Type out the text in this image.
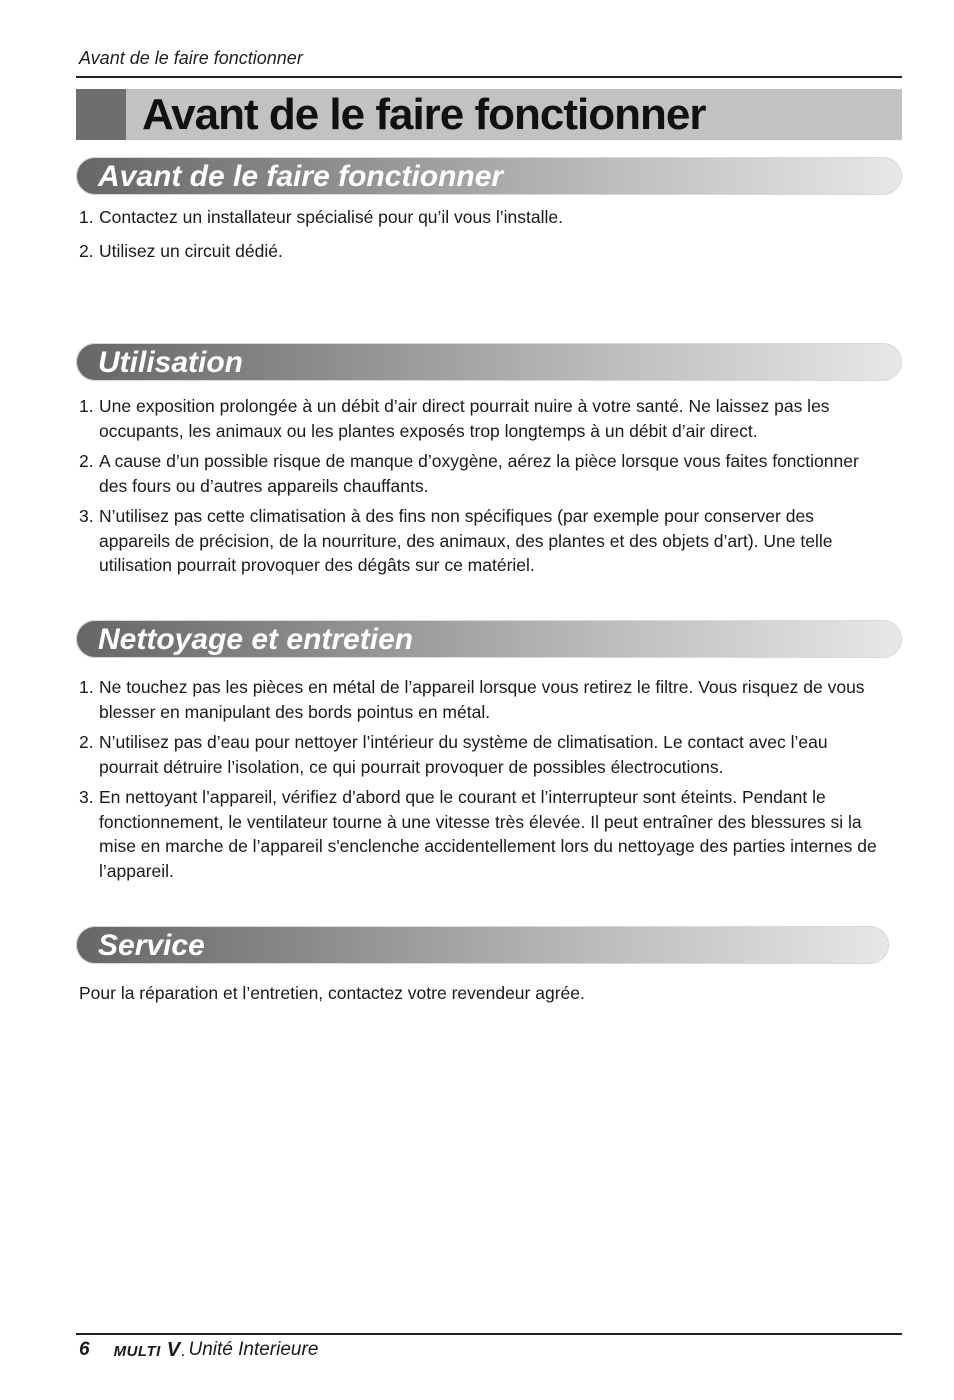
Avant de le faire fonctionner
Avant de le faire fonctionner
Avant de le faire fonctionner
1. Contactez un installateur spécialisé pour qu’il vous l’installe.
2. Utilisez un circuit dédié.
Utilisation
1. Une exposition prolongée à un débit d’air direct pourrait nuire à votre santé. Ne laissez pas les occupants, les animaux ou les plantes exposés trop longtemps à un débit d’air direct.
2. A cause d’un possible risque de manque d’oxygène, aérez la pièce lorsque vous faites fonctionner des fours ou d’autres appareils chauffants.
3. N’utilisez pas cette climatisation à des fins non spécifiques (par exemple pour conserver des appareils de précision, de la nourriture, des animaux, des plantes et des objets d’art). Une telle utilisation pourrait provoquer des dégâts sur ce matériel.
Nettoyage et entretien
1. Ne touchez pas les pièces en métal de l’appareil lorsque vous retirez le filtre. Vous risquez de vous blesser en manipulant des bords pointus en métal.
2. N’utilisez pas d’eau pour nettoyer l’intérieur du système de climatisation. Le contact avec l’eau pourrait détruire l’isolation, ce qui pourrait provoquer de possibles électrocutions.
3. En nettoyant l’appareil, vérifiez d’abord que le courant et l’interrupteur sont éteints. Pendant le fonctionnement, le ventilateur tourne à une vitesse très élevée. Il peut entraîner des blessures si la mise en marche de l’appareil s'enclenche accidentellement lors du nettoyage des parties internes de l’appareil.
Service
Pour la réparation et l’entretien, contactez votre revendeur agrée.
6 MULTI V. Unité Interieure
